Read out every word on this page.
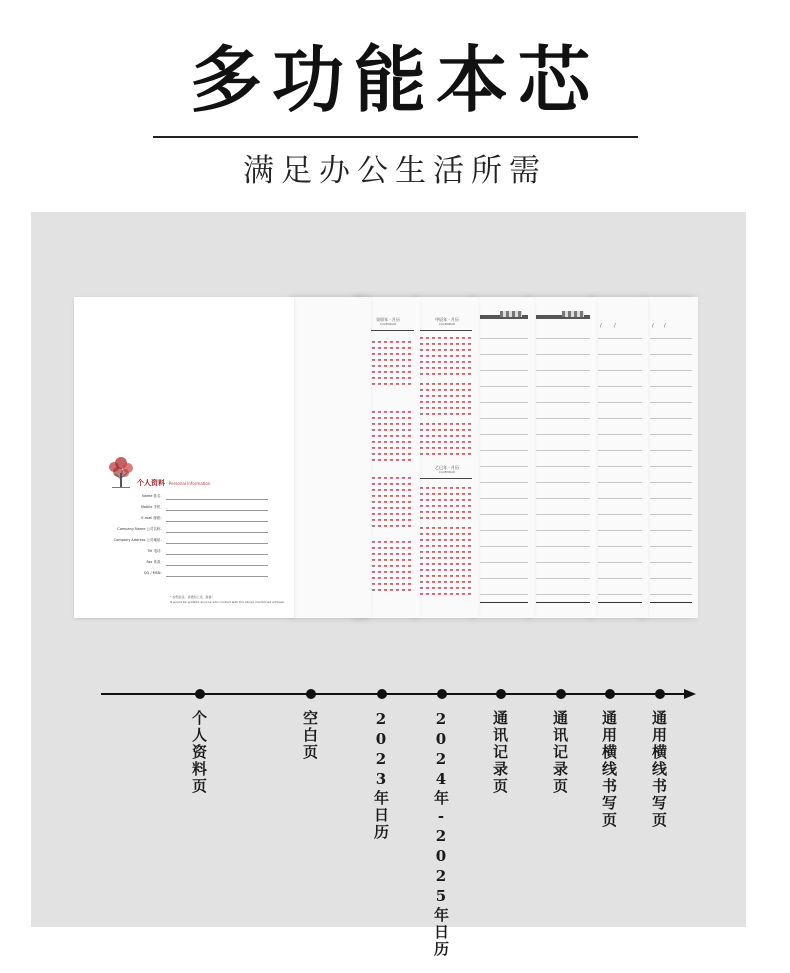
多功能本芯
满足办公生活所需
甲辰年 · 月历
CALENDAR
乙巳年 · 月历
CALENDAR
癸卯年 · 月历
CALENDAR
个人资料 Personal Information
Name 姓名：
Mobile 手机：
E-mail 邮箱：
Company Name 公司名称：
Company Address 公司地址：
Tel 电话：
Fax 传真：
QQ / MSN：
* 如您拾获，请通知上述，谢谢！
It would be grateful anyone who contact with the above mentioned address.
个人资料页	空白页	2023年日历	2024年-2025年日历	通讯记录页	通讯记录页 通用横线书写页 通用横线书写页
